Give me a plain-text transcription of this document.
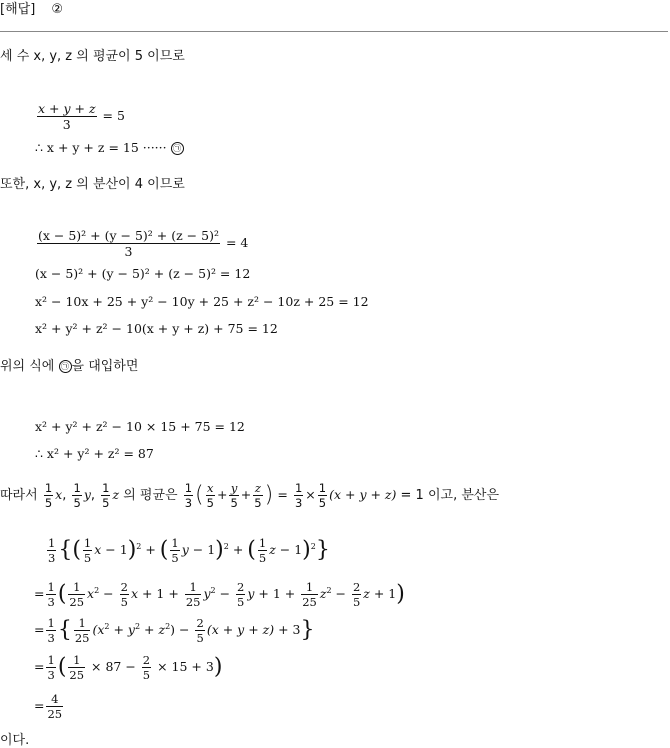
[해답] ②
세 수 x, y, z 의 평균이 5 이므로
$\frac{x + y + z}{3} = 5$
∴ x + y + z = 15 ······ ㉠
또한, x, y, z 의 분산이 4 이므로
$\frac{\text{(x − 5)² + (y − 5)² + (z − 5)²}}{3} = 4$
(x − 5)² + (y − 5)² + (z − 5)² = 12
x² − 10x + 25 + y² − 10y + 25 + z² − 10z + 25 = 12
x² + y² + z² − 10(x + y + z) + 75 = 12
위의 식에 ㉠ 을 대입하면
x² + y² + z² − 10 × 15 + 75 = 12
∴ x² + y² + z² = 87
따라서 $\frac{1}{5} x$, $\frac{1}{5} y$, $\frac{1}{5}$ z 의 평균은 $\frac{1}{3}$ ( $\frac{x}{5} + \frac{y}{5} + \frac{z}{5}$ ) = $\frac{1}{3} \times \frac{1}{5} (x + y + z) = 1$ 이고, 분산은
$\frac{1}{3}$ {( $\frac{1}{5}$ x − 1)$^2$ + ( $\frac{1}{5}$ y − 1)$^2$ + ( $\frac{1}{5}$ z − 1)$^2$}
= $\frac{1}{3}$ ( $\frac{1}{25} x^2 - \frac{2}{5}$ $x + 1 + \frac{1}{25} y^2 - \frac{2}{5}$ $y + 1 + \frac{1}{25} z^2 - \frac{2}{5}$ z + 1)
= $\frac{1}{3}$ { $\frac{1}{25} (x^2 + y^2 + z^2) - \frac{2}{5} (x + y + z) + 3$}
= $\frac{1}{3}$ ( $\frac{1}{25} \times 87 - \frac{2}{5} \times 15 + 3$)
= $\frac{4}{25}$
이다.
